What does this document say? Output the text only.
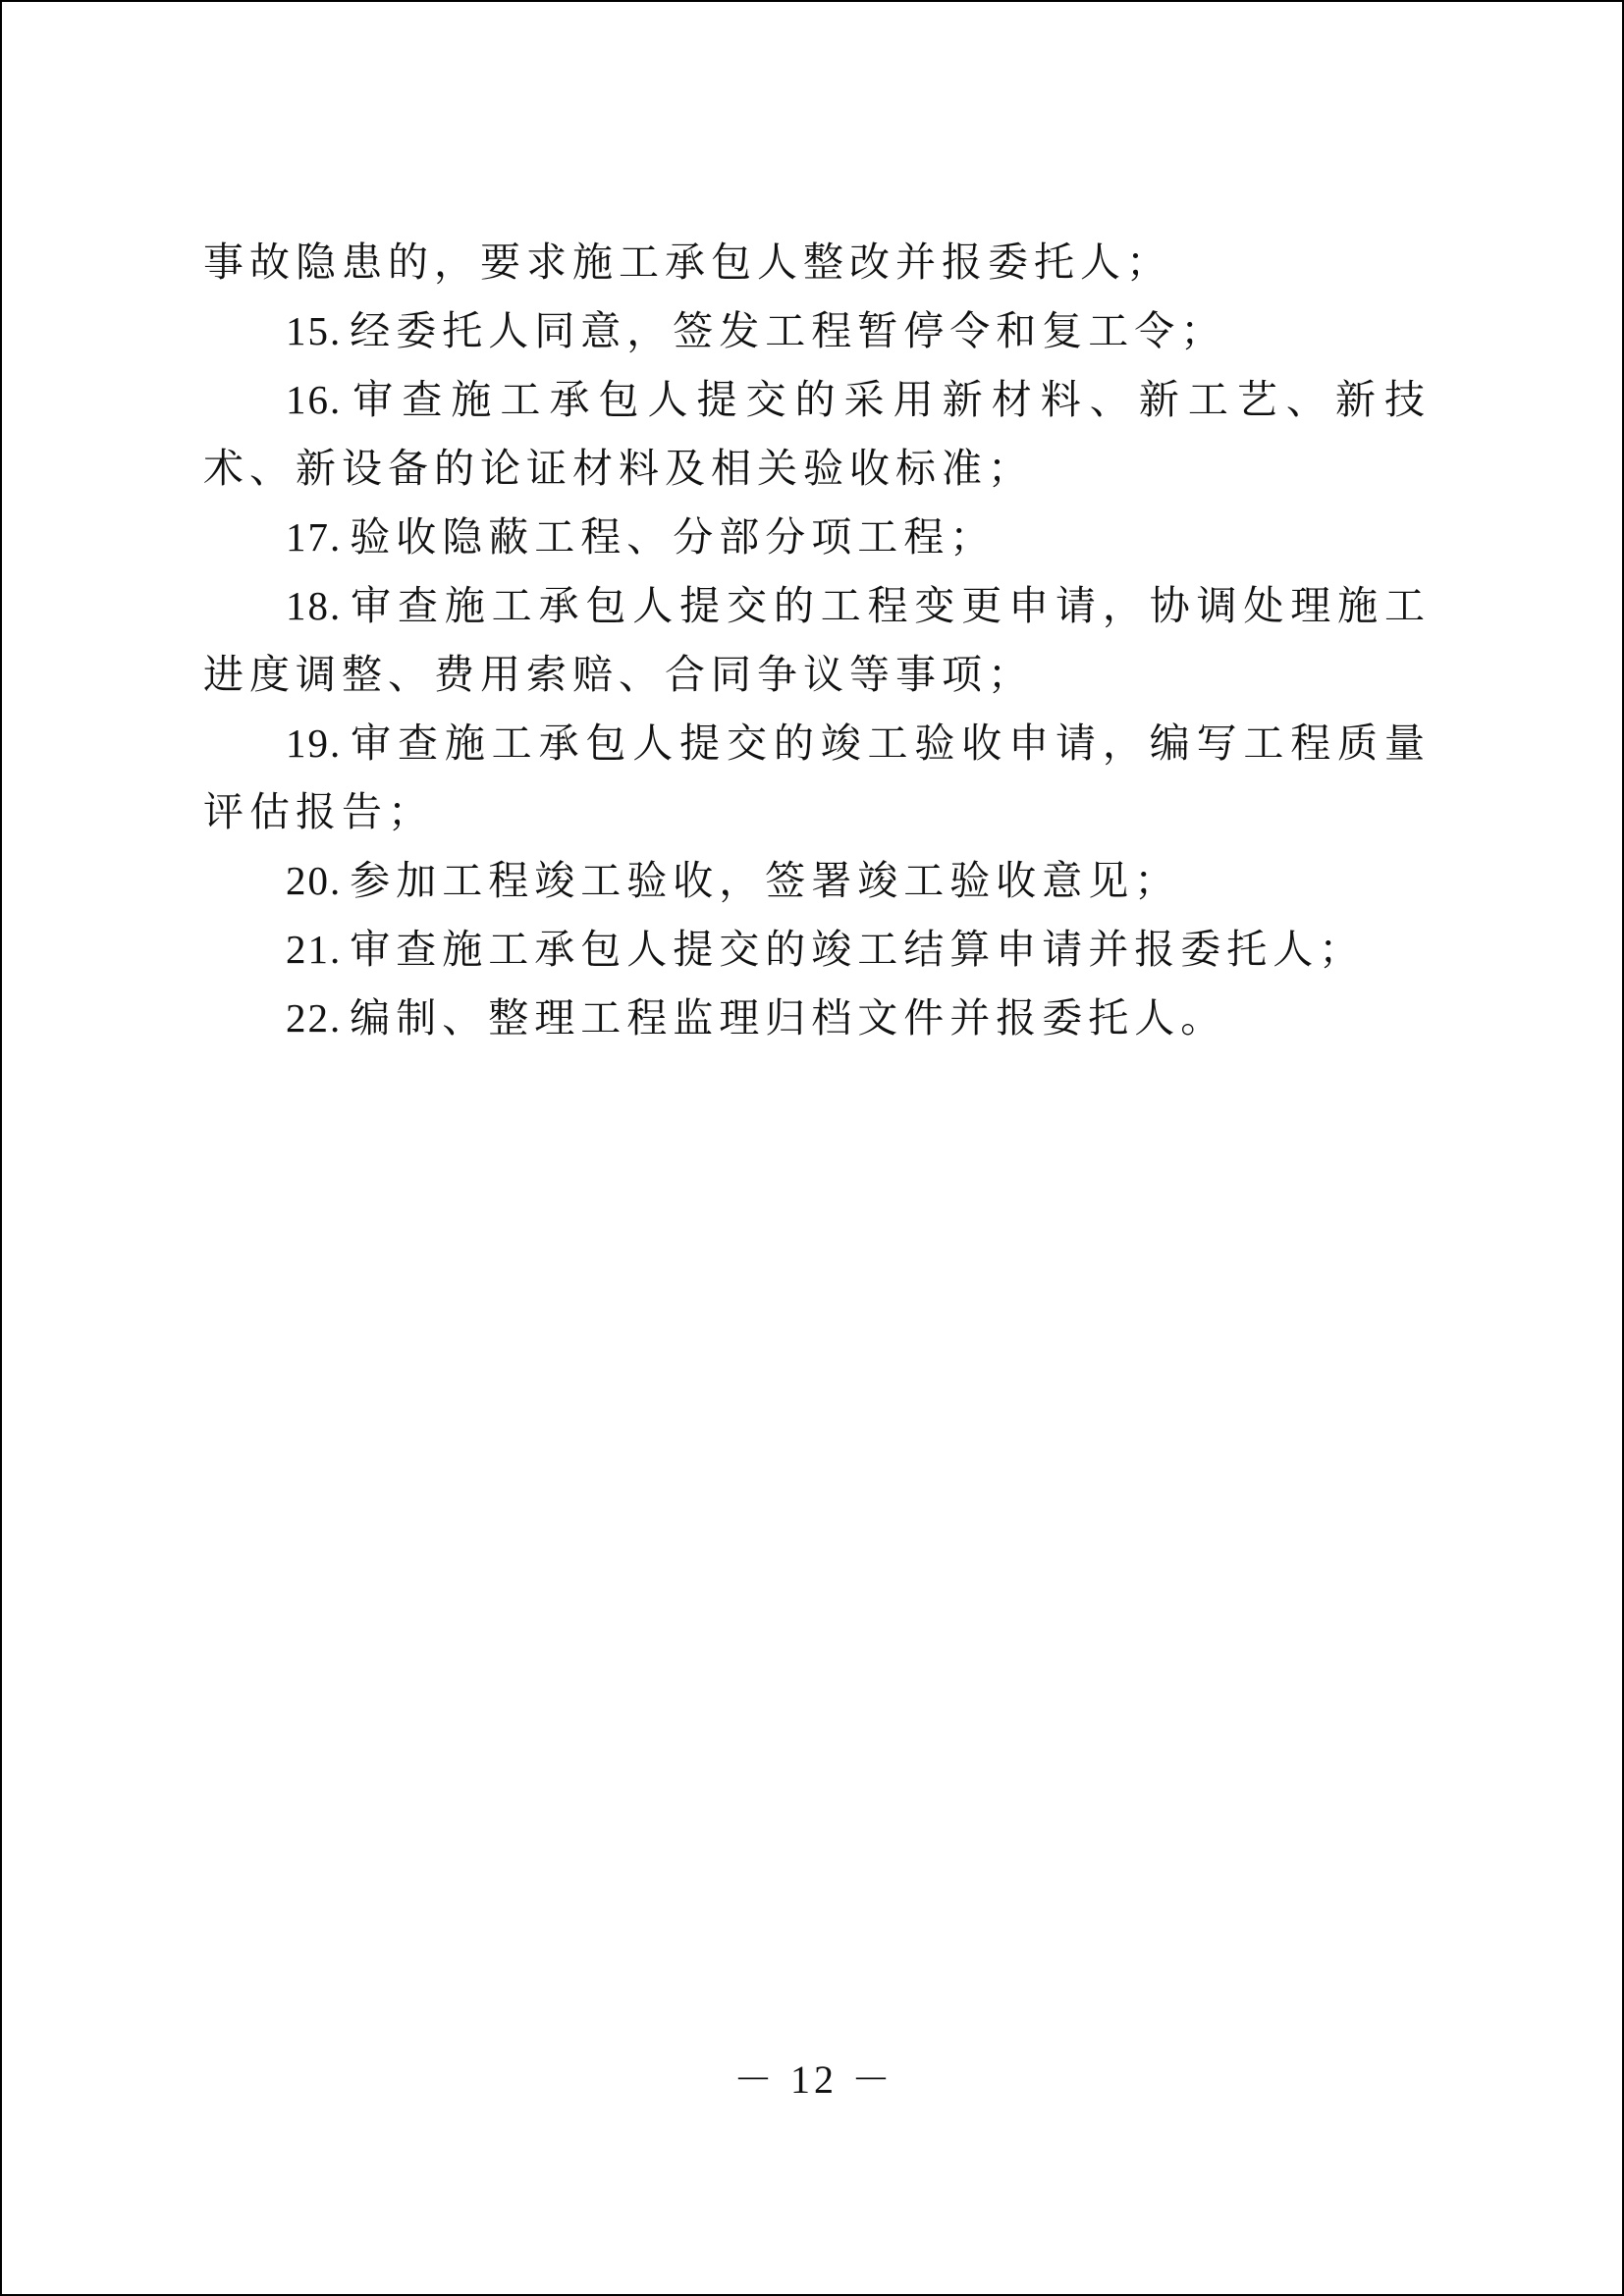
事故隐患的，要求施工承包人整改并报委托人；

15. 经委托人同意，签发工程暂停令和复工令；

16. 审查施工承包人提交的采用新材料、新工艺、新技术、新设备的论证材料及相关验收标准；

17. 验收隐蔽工程、分部分项工程；

18. 审查施工承包人提交的工程变更申请，协调处理施工进度调整、费用索赔、合同争议等事项；

19. 审查施工承包人提交的竣工验收申请，编写工程质量评估报告；

20. 参加工程竣工验收，签署竣工验收意见；

21. 审查施工承包人提交的竣工结算申请并报委托人；

22. 编制、整理工程监理归档文件并报委托人。

－ 12 －
